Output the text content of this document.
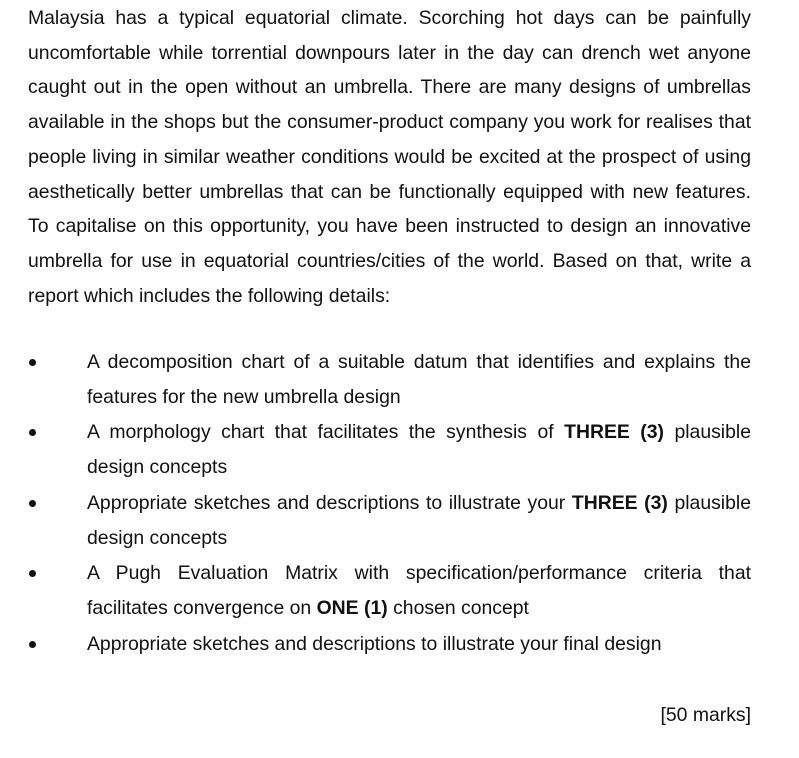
Malaysia has a typical equatorial climate. Scorching hot days can be painfully uncomfortable while torrential downpours later in the day can drench wet anyone caught out in the open without an umbrella. There are many designs of umbrellas available in the shops but the consumer-product company you work for realises that people living in similar weather conditions would be excited at the prospect of using aesthetically better umbrellas that can be functionally equipped with new features. To capitalise on this opportunity, you have been instructed to design an innovative umbrella for use in equatorial countries/cities of the world. Based on that, write a report which includes the following details:

A decomposition chart of a suitable datum that identifies and explains the features for the new umbrella design
A morphology chart that facilitates the synthesis of THREE (3) plausible design concepts
Appropriate sketches and descriptions to illustrate your THREE (3) plausible design concepts
A Pugh Evaluation Matrix with specification/performance criteria that facilitates convergence on ONE (1) chosen concept
Appropriate sketches and descriptions to illustrate your final design

[50 marks]
